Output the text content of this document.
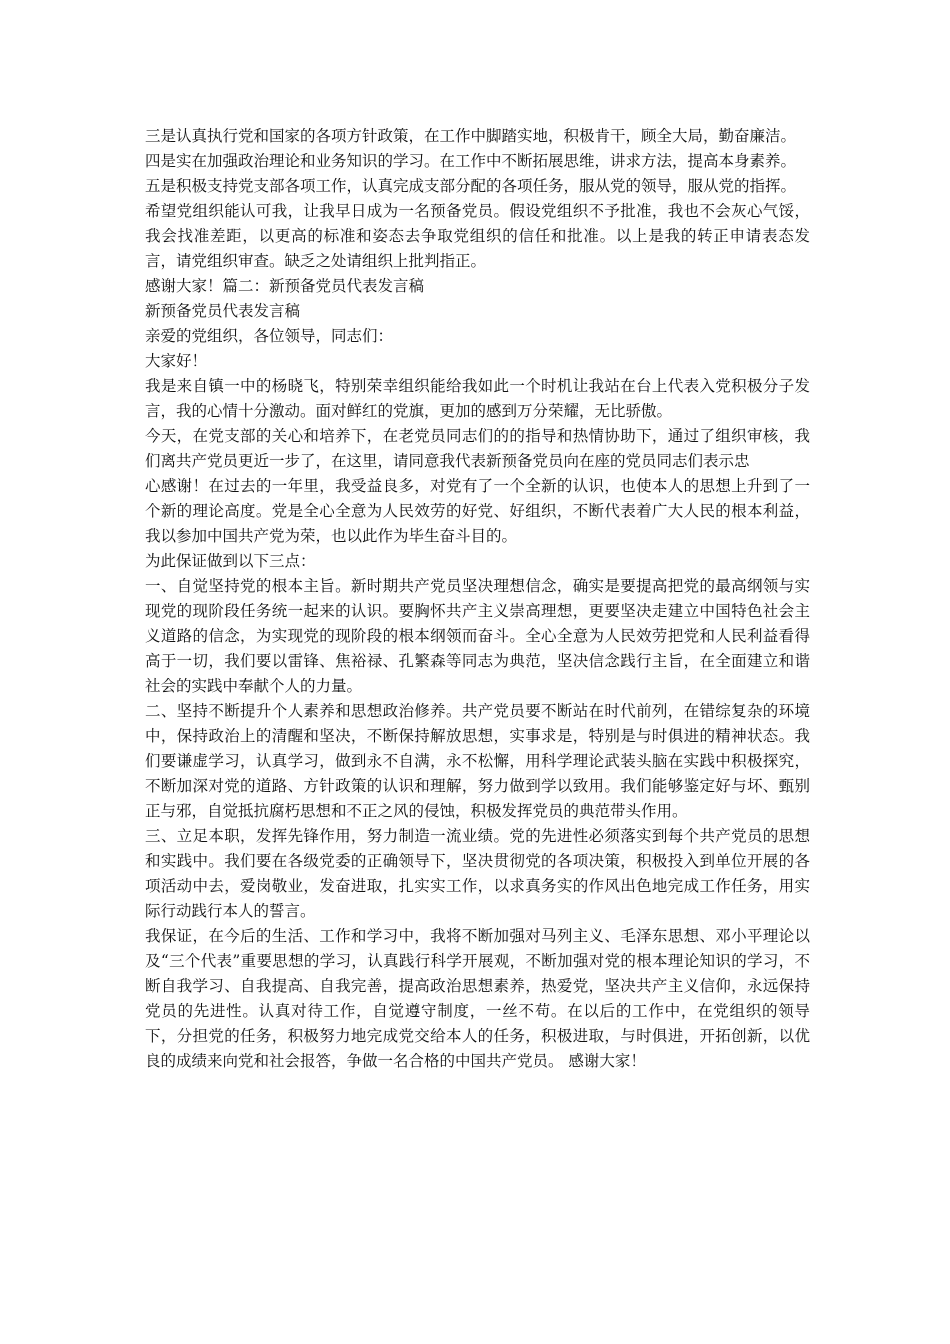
三是认真执行党和国家的各项方针政策，在工作中脚踏实地，积极肯干，顾全大局，勤奋廉洁。

四是实在加强政治理论和业务知识的学习。在工作中不断拓展思维，讲求方法，提高本身素养。

五是积极支持党支部各项工作，认真完成支部分配的各项任务，服从党的领导，服从党的指挥。

希望党组织能认可我，让我早日成为一名预备党员。假设党组织不予批准，我也不会灰心气馁，我会找准差距，以更高的标准和姿态去争取党组织的信任和批准。以上是我的转正申请表态发言，请党组织审查。缺乏之处请组织上批判指正。

感谢大家！篇二：新预备党员代表发言稿

新预备党员代表发言稿

亲爱的党组织，各位领导，同志们：

大家好！

我是来自镇一中的杨晓飞，特别荣幸组织能给我如此一个时机让我站在台上代表入党积极分子发言，我的心情十分激动。面对鲜红的党旗，更加的感到万分荣耀，无比骄傲。

今天，在党支部的关心和培养下，在老党员同志们的的指导和热情协助下，通过了组织审核，我们离共产党员更近一步了，在这里，请同意我代表新预备党员向在座的党员同志们表示忠

心感谢！在过去的一年里，我受益良多，对党有了一个全新的认识，也使本人的思想上升到了一个新的理论高度。党是全心全意为人民效劳的好党、好组织，不断代表着广大人民的根本利益，我以参加中国共产党为荣，也以此作为毕生奋斗目的。

为此保证做到以下三点：

一、自觉坚持党的根本主旨。新时期共产党员坚决理想信念，确实是要提高把党的最高纲领与实现党的现阶段任务统一起来的认识。要胸怀共产主义崇高理想，更要坚决走建立中国特色社会主义道路的信念，为实现党的现阶段的根本纲领而奋斗。全心全意为人民效劳把党和人民利益看得高于一切，我们要以雷锋、焦裕禄、孔繁森等同志为典范，坚决信念践行主旨，在全面建立和谐社会的实践中奉献个人的力量。

二、坚持不断提升个人素养和思想政治修养。共产党员要不断站在时代前列，在错综复杂的环境中，保持政治上的清醒和坚决，不断保持解放思想，实事求是，特别是与时俱进的精神状态。我们要谦虚学习，认真学习，做到永不自满，永不松懈，用科学理论武装头脑在实践中积极探究，不断加深对党的道路、方针政策的认识和理解，努力做到学以致用。我们能够鉴定好与坏、甄别正与邪，自觉抵抗腐朽思想和不正之风的侵蚀，积极发挥党员的典范带头作用。

三、立足本职，发挥先锋作用，努力制造一流业绩。党的先进性必须落实到每个共产党员的思想和实践中。我们要在各级党委的正确领导下，坚决贯彻党的各项决策，积极投入到单位开展的各项活动中去，爱岗敬业，发奋进取，扎实实工作，以求真务实的作风出色地完成工作任务，用实际行动践行本人的誓言。

我保证，在今后的生活、工作和学习中，我将不断加强对马列主义、毛泽东思想、邓小平理论以及“三个代表”重要思想的学习，认真践行科学开展观，不断加强对党的根本理论知识的学习，不断自我学习、自我提高、自我完善，提高政治思想素养，热爱党，坚决共产主义信仰，永远保持党员的先进性。认真对待工作，自觉遵守制度，一丝不苟。在以后的工作中，在党组织的领导下，分担党的任务，积极努力地完成党交给本人的任务，积极进取，与时俱进，开拓创新，以优良的成绩来向党和社会报答，争做一名合格的中国共产党员。 感谢大家！
